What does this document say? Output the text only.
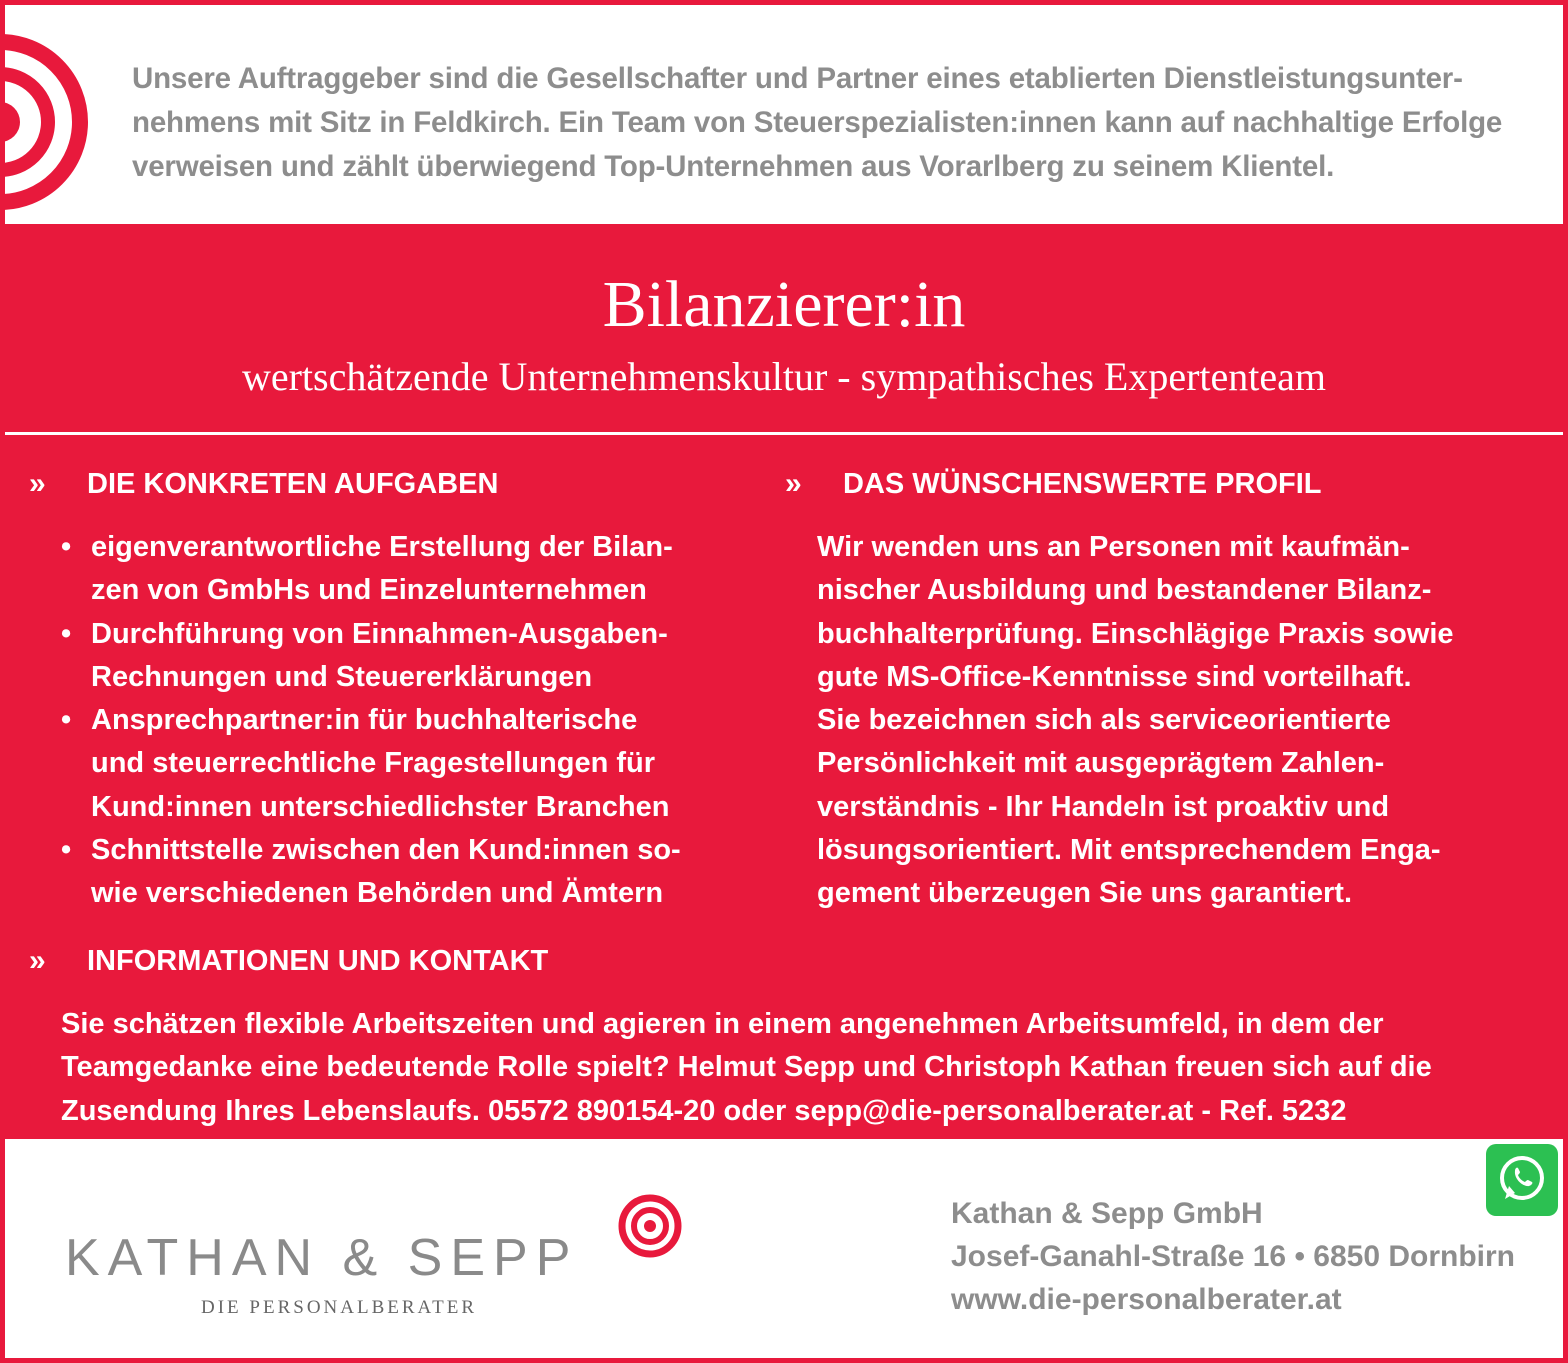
Unsere Auftraggeber sind die Gesellschafter und Partner eines etablierten Dienstleistungsunter-
nehmens mit Sitz in Feldkirch. Ein Team von Steuerspezialisten:innen kann auf nachhaltige Erfolge
verweisen und zählt überwiegend Top-Unternehmen aus Vorarlberg zu seinem Klientel.
Bilanzierer:in
wertschätzende Unternehmenskultur - sympathisches Expertenteam
» DIE KONKRETEN AUFGABEN
• eigenverantwortliche Erstellung der Bilan-
zen von GmbHs und Einzelunternehmen
• Durchführung von Einnahmen-Ausgaben-
Rechnungen und Steuererklärungen
• Ansprechpartner:in für buchhalterische
und steuerrechtliche Fragestellungen für
Kund:innen unterschiedlichster Branchen
• Schnittstelle zwischen den Kund:innen so-
wie verschiedenen Behörden und Ämtern
» DAS WÜNSCHENSWERTE PROFIL
Wir wenden uns an Personen mit kaufmän-
nischer Ausbildung und bestandener Bilanz-
buchhalterprüfung. Einschlägige Praxis sowie
gute MS-Office-Kenntnisse sind vorteilhaft.
Sie bezeichnen sich als serviceorientierte
Persönlichkeit mit ausgeprägtem Zahlen-
verständnis - Ihr Handeln ist proaktiv und
lösungsorientiert. Mit entsprechendem Enga-
gement überzeugen Sie uns garantiert.
» INFORMATIONEN UND KONTAKT
Sie schätzen flexible Arbeitszeiten und agieren in einem angenehmen Arbeitsumfeld, in dem der
Teamgedanke eine bedeutende Rolle spielt? Helmut Sepp und Christoph Kathan freuen sich auf die
Zusendung Ihres Lebenslaufs. 05572 890154-20 oder sepp@die-personalberater.at - Ref. 5232
KATHAN & SEPP
DIE PERSONALBERATER
Kathan & Sepp GmbH
Josef-Ganahl-Straße 16 • 6850 Dornbirn
www.die-personalberater.at
